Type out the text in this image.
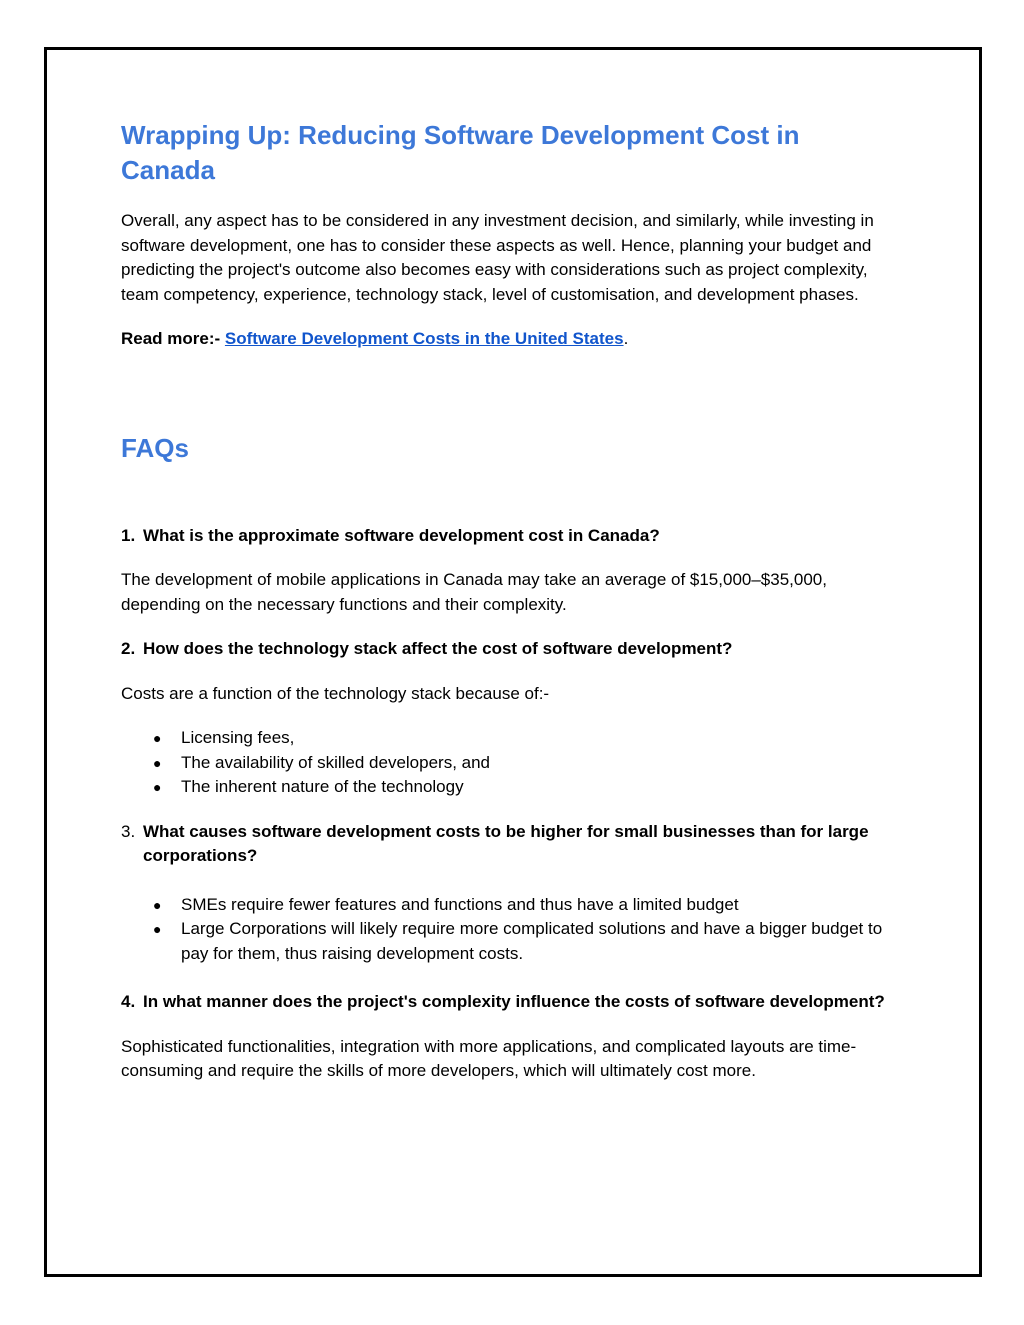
Wrapping Up: Reducing Software Development Cost in
Canada

Overall, any aspect has to be considered in any investment decision, and similarly, while investing in software development, one has to consider these aspects as well. Hence, planning your budget and predicting the project's outcome also becomes easy with considerations such as project complexity, team competency, experience, technology stack, level of customisation, and development phases.

Read more:- Software Development Costs in the United States.

FAQs

1. What is the approximate software development cost in Canada?

The development of mobile applications in Canada may take an average of $15,000–$35,000, depending on the necessary functions and their complexity.

2. How does the technology stack affect the cost of software development?

Costs are a function of the technology stack because of:-

● Licensing fees,
● The availability of skilled developers, and
● The inherent nature of the technology

3. What causes software development costs to be higher for small businesses than for large corporations?

● SMEs require fewer features and functions and thus have a limited budget
● Large Corporations will likely require more complicated solutions and have a bigger budget to pay for them, thus raising development costs.

4. In what manner does the project's complexity influence the costs of software development?

Sophisticated functionalities, integration with more applications, and complicated layouts are time-consuming and require the skills of more developers, which will ultimately cost more.
